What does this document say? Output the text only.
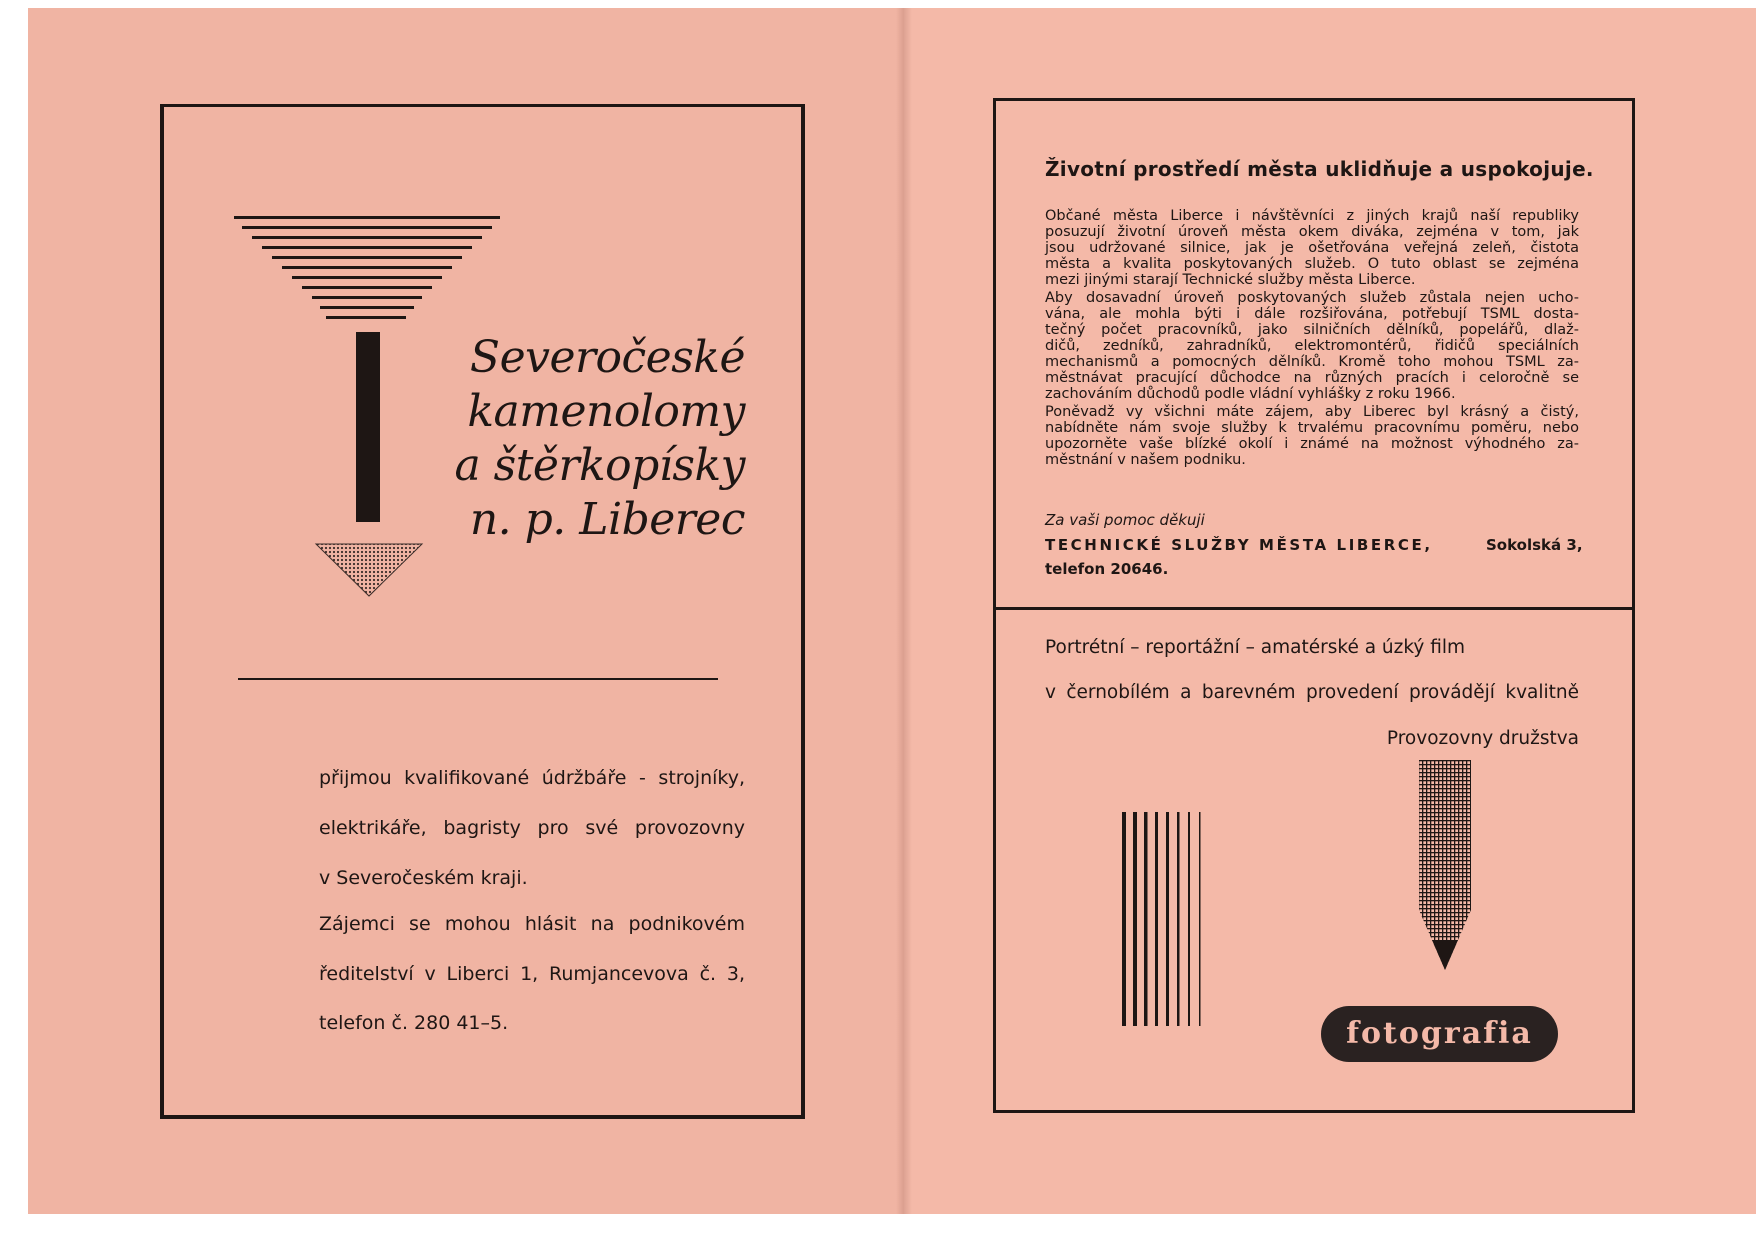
Severočeské
kamenolomy
a štěrkopísky
n. p. Liberec
přijmou kvalifikované údržbáře - strojníky,
elektrikáře, bagristy pro své provozovny
v Severočeském kraji.
Zájemci se mohou hlásit na podnikovém
ředitelství v Liberci 1, Rumjancevova č. 3,
telefon č. 280 41–5.
Životní prostředí města uklidňuje a uspokojuje.
Občané města Liberce i návštěvníci z jiných krajů naší republiky
posuzují životní úroveň města okem diváka, zejména v tom, jak
jsou udržované silnice, jak je ošetřována veřejná zeleň, čistota
města a kvalita poskytovaných služeb. O tuto oblast se zejména
mezi jinými starají Technické služby města Liberce.
Aby dosavadní úroveň poskytovaných služeb zůstala nejen ucho-
vána, ale mohla býti i dále rozšiřována, potřebují TSML dosta-
tečný počet pracovníků, jako silničních dělníků, popelářů, dlaž-
dičů, zedníků, zahradníků, elektromontérů, řidičů speciálních
mechanismů a pomocných dělníků. Kromě toho mohou TSML za-
městnávat pracující důchodce na různých pracích i celoročně se
zachováním důchodů podle vládní vyhlášky z roku 1966.
Poněvadž vy všichni máte zájem, aby Liberec byl krásný a čistý,
nabídněte nám svoje služby k trvalému pracovnímu poměru, nebo
upozorněte vaše blízké okolí i známé na možnost výhodného za-
městnání v našem podniku.
Za vaši pomoc děkuji
TECHNICKÉ SLUŽBY MĚSTA LIBERCE,	Sokolská 3,
telefon 20646.
Portrétní – reportážní – amatérské a úzký film
v černobílém a barevném provedení provádějí kvalitně
Provozovny družstva
fotografia
